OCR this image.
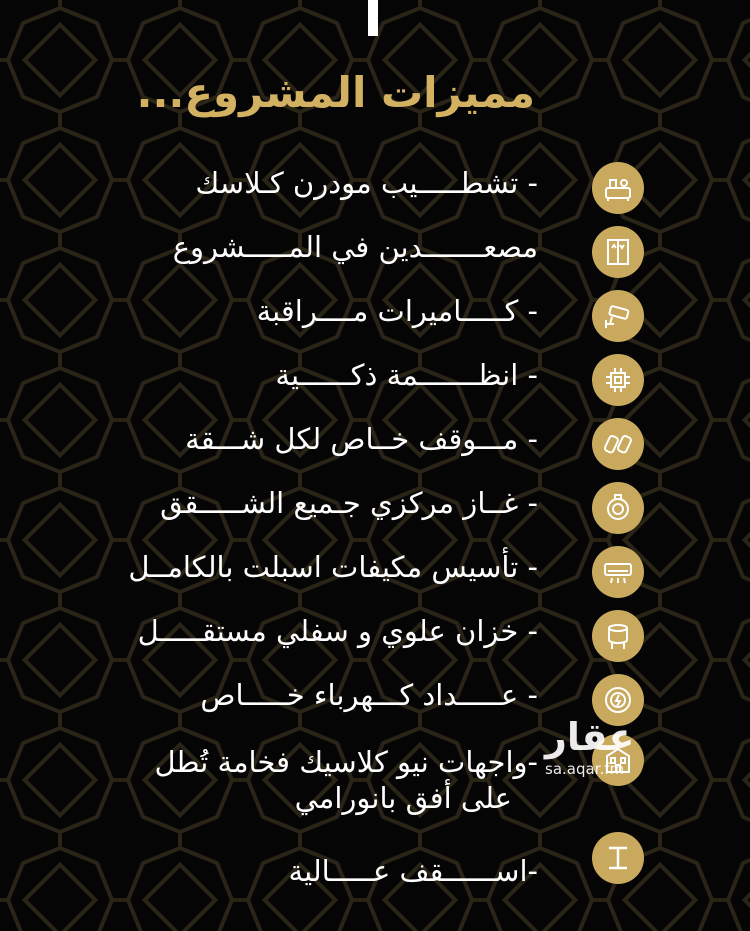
مميزات المشروع...
- تشطـــــيب مودرن كـلاسك
مصعـــــــدين في المـــــشروع
- كـــــاميرات مــــراقبة
- انظـــــــمة ذكــــــية
- مـــوقف خــاص لكل شـــقة
- غــاز مركزي جـميع الشـــــقق
- تأسيس مكيفات اسبلت بالكامــل
- خزان علوي و سفلي مستقـــــل
- عـــــداد كـــهرباء خـــــاص
-واجهات نيو كلاسيك فخامة تُطل
على أفق بانورامي
-اســــــقف عـــــالية
عقار
sa.aqar.fm
